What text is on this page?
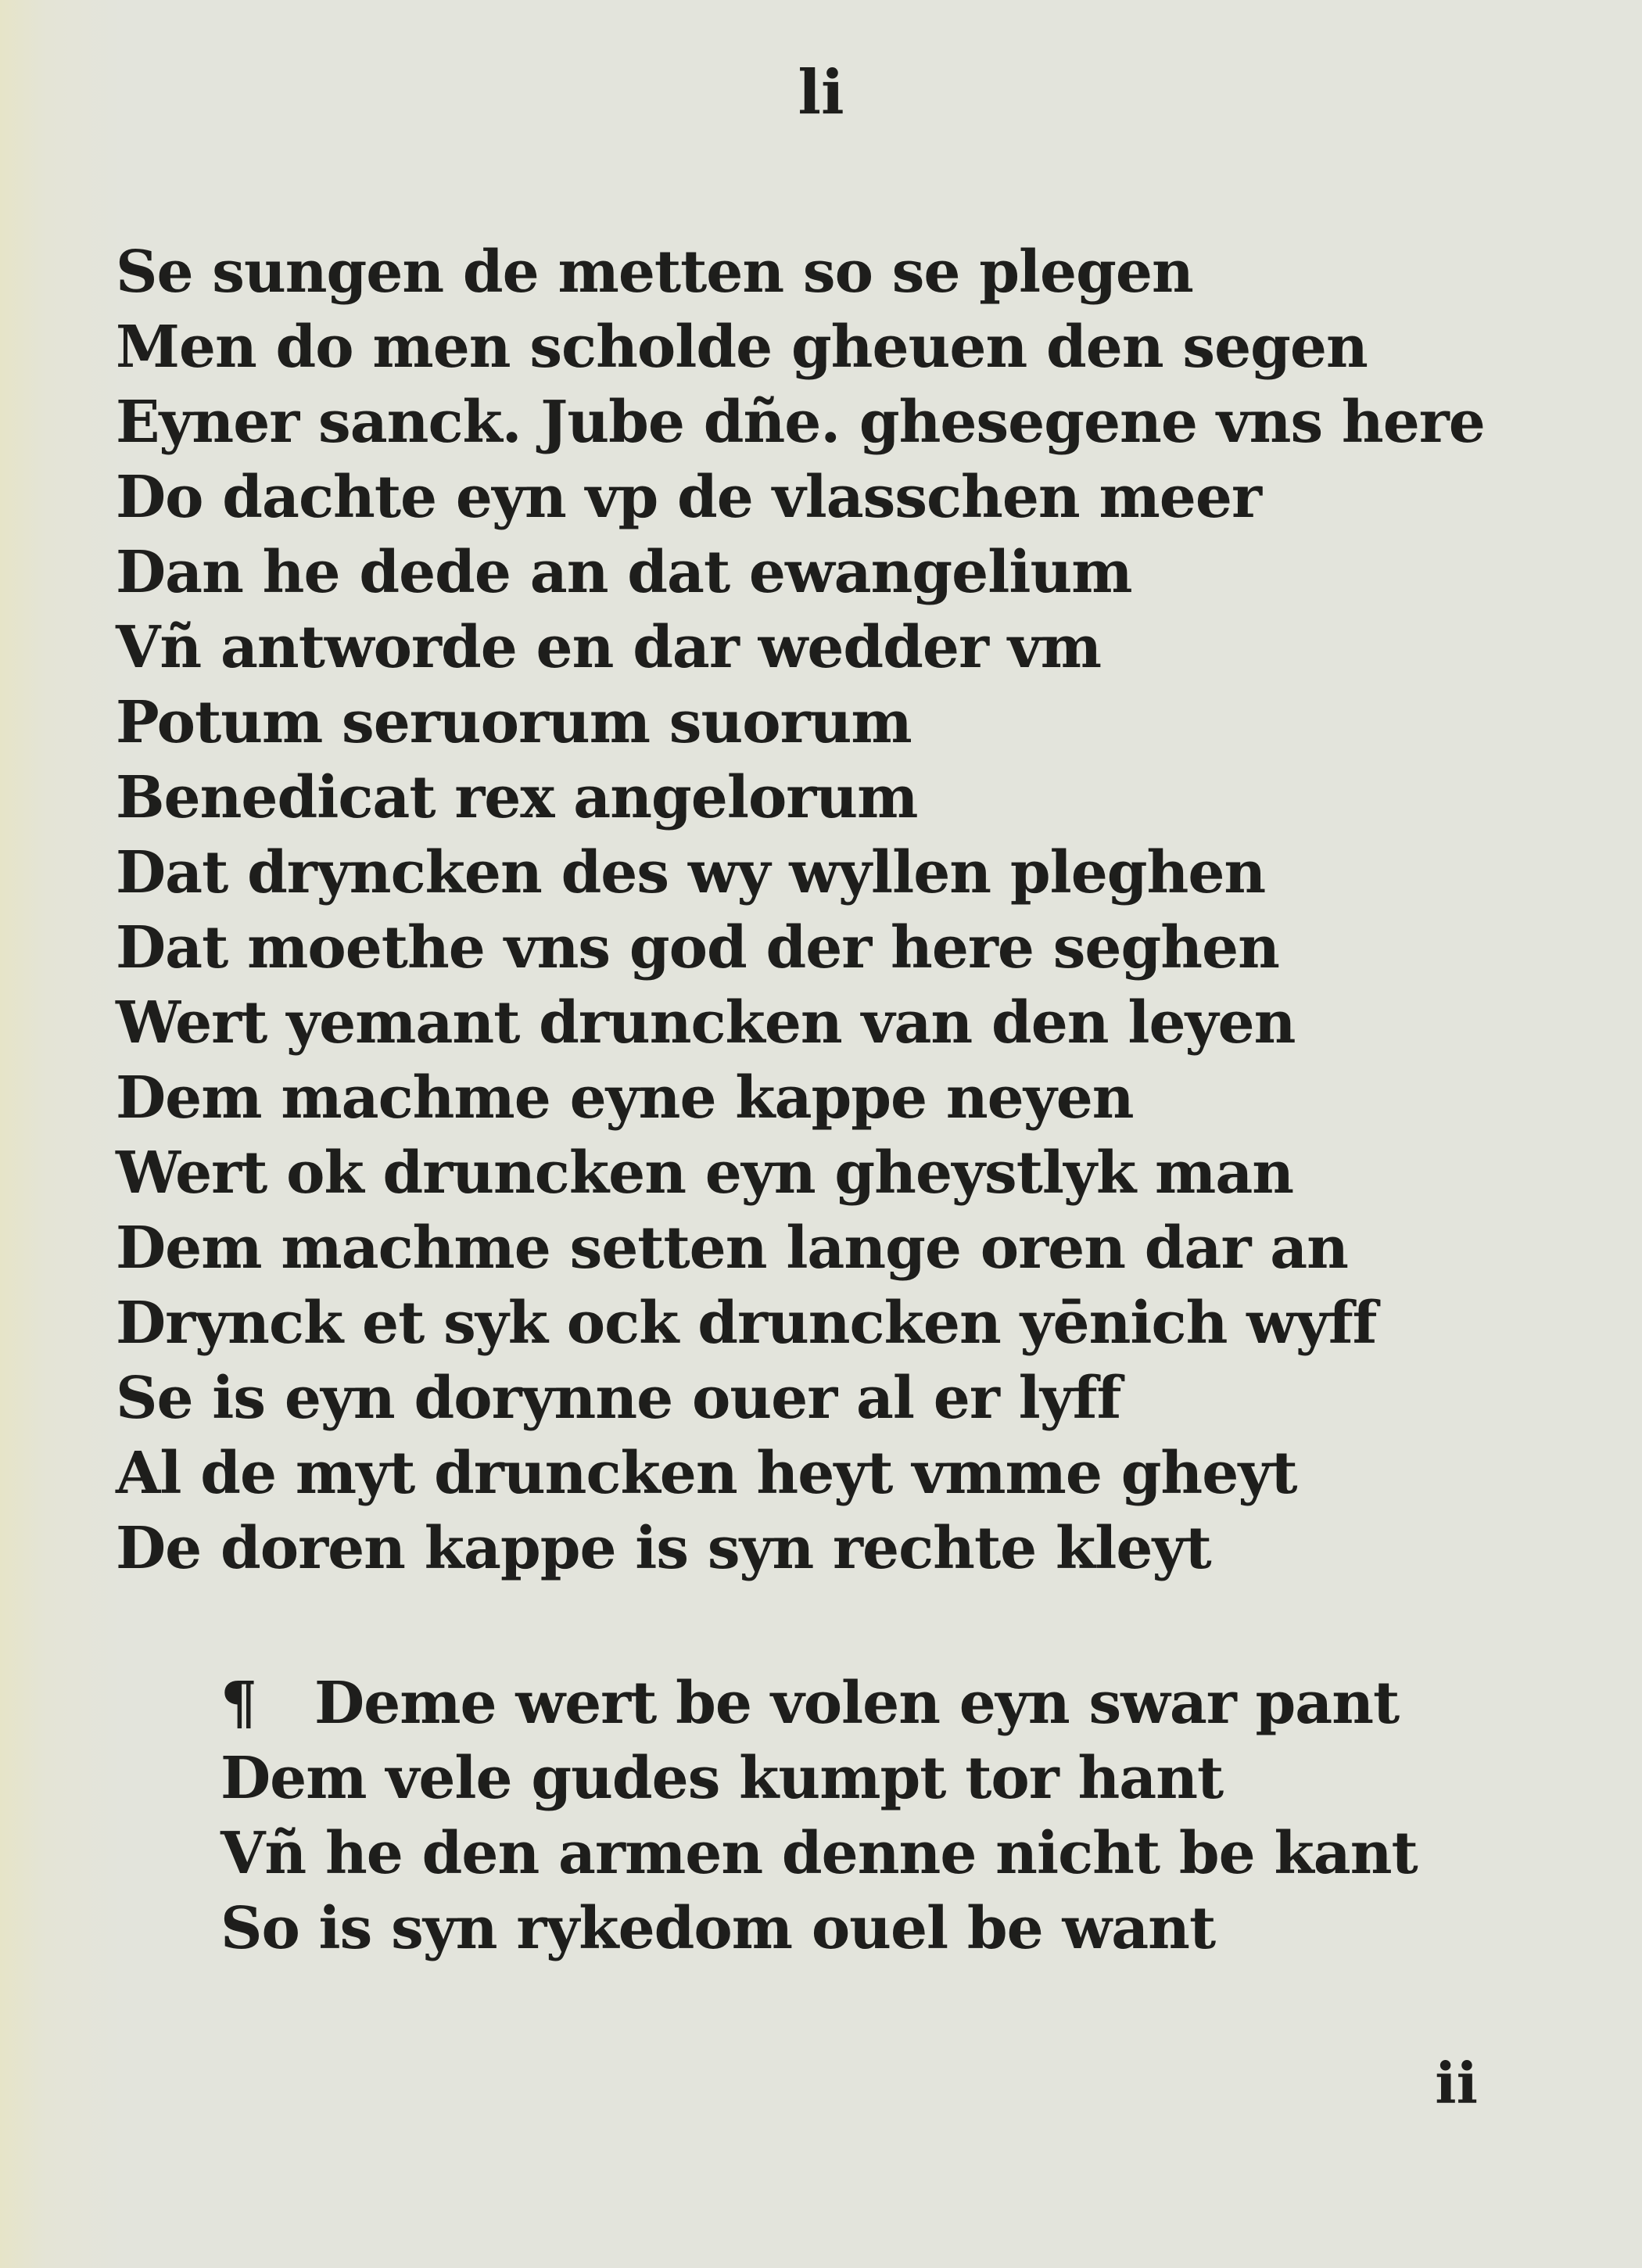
li
Se sungen de metten so se plegen
Men do men scholde gheuen den segen
Eyner sanck. Jube dñe. ghesegene vns here
Do dachte eyn vp de vlasschen meer
Dan he dede an dat ewangelium
Vñ antworde en dar wedder vm
Potum seruorum suorum
Benedicat rex angelorum
Dat dryncken des wy wyllen pleghen
Dat moethe vns god der here seghen
Wert yemant druncken van den leyen
Dem machme eyne kappe neyen
Wert ok druncken eyn gheystlyk man
Dem machme setten lange oren dar an
Drynck et syk ock druncken yēnich wyff
Se is eyn dorynne ouer al er lyff
Al de myt druncken heyt vmme gheyt
De doren kappe is syn rechte kleyt
¶ Deme wert be volen eyn swar pant
Dem vele gudes kumpt tor hant
Vñ he den armen denne nicht be kant
So is syn rykedom ouel be want
ii
